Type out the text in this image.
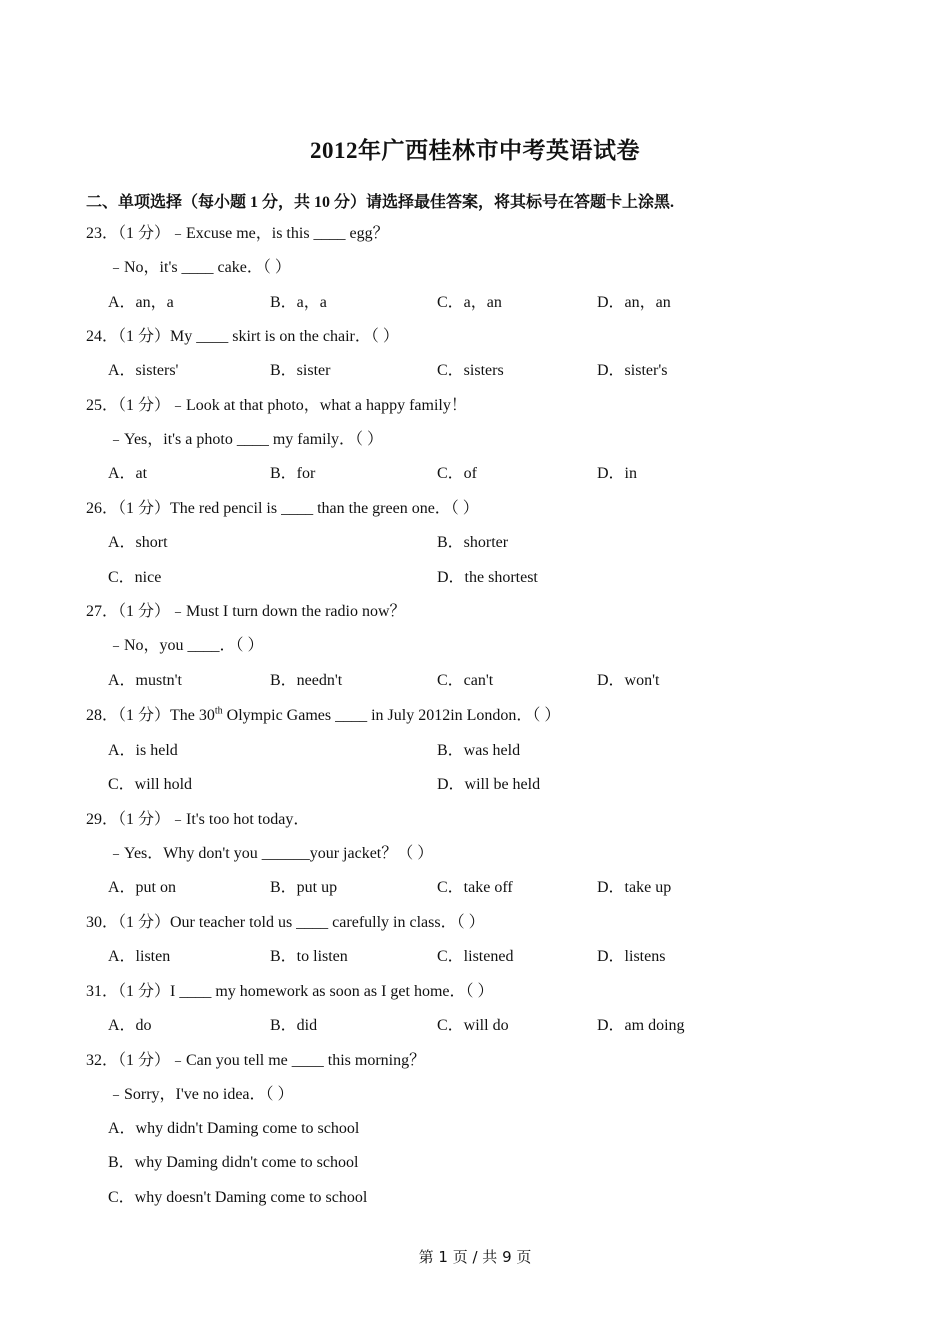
2012年广西桂林市中考英语试卷
二、单项选择（每小题 1 分，共 10 分）请选择最佳答案，将其标号在答题卡上涂黑.
23．（1 分）﹣Excuse me，is this ____ egg？
﹣No，it's ____ cake．（ ）
A．an，a	B．a，a	C．a，an	D．an，an
24．（1 分）My ____ skirt is on the chair．（ ）
A．sisters'	B．sister	C．sisters	D．sister's
25．（1 分）﹣Look at that photo，what a happy family！
﹣Yes，it's a photo ____ my family．（ ）
A．at	B．for	C．of	D．in
26．（1 分）The red pencil is ____ than the green one．（ ）
A．short	B．shorter
C．nice	D．the shortest
27．（1 分）﹣Must I turn down the radio now？
﹣No，you ____．（ ）
A．mustn't	B．needn't	C．can't	D．won't
28．（1 分）The 30th Olympic Games ____ in July 2012in London．（ ）
A．is held	B．was held
C．will hold	D．will be held
29．（1 分）﹣It's too hot today．
﹣Yes．Why don't you ______your jacket？（ ）
A．put on	B．put up	C．take off	D．take up
30．（1 分）Our teacher told us ____ carefully in class．（ ）
A．listen	B．to listen	C．listened	D．listens
31．（1 分）I ____ my homework as soon as I get home．（ ）
A．do	B．did	C．will do	D．am doing
32．（1 分）﹣Can you tell me ____ this morning？
﹣Sorry，I've no idea．（ ）
A．why didn't Daming come to school
B．why Daming didn't come to school
C．why doesn't Daming come to school
第 1 页 / 共 9 页
